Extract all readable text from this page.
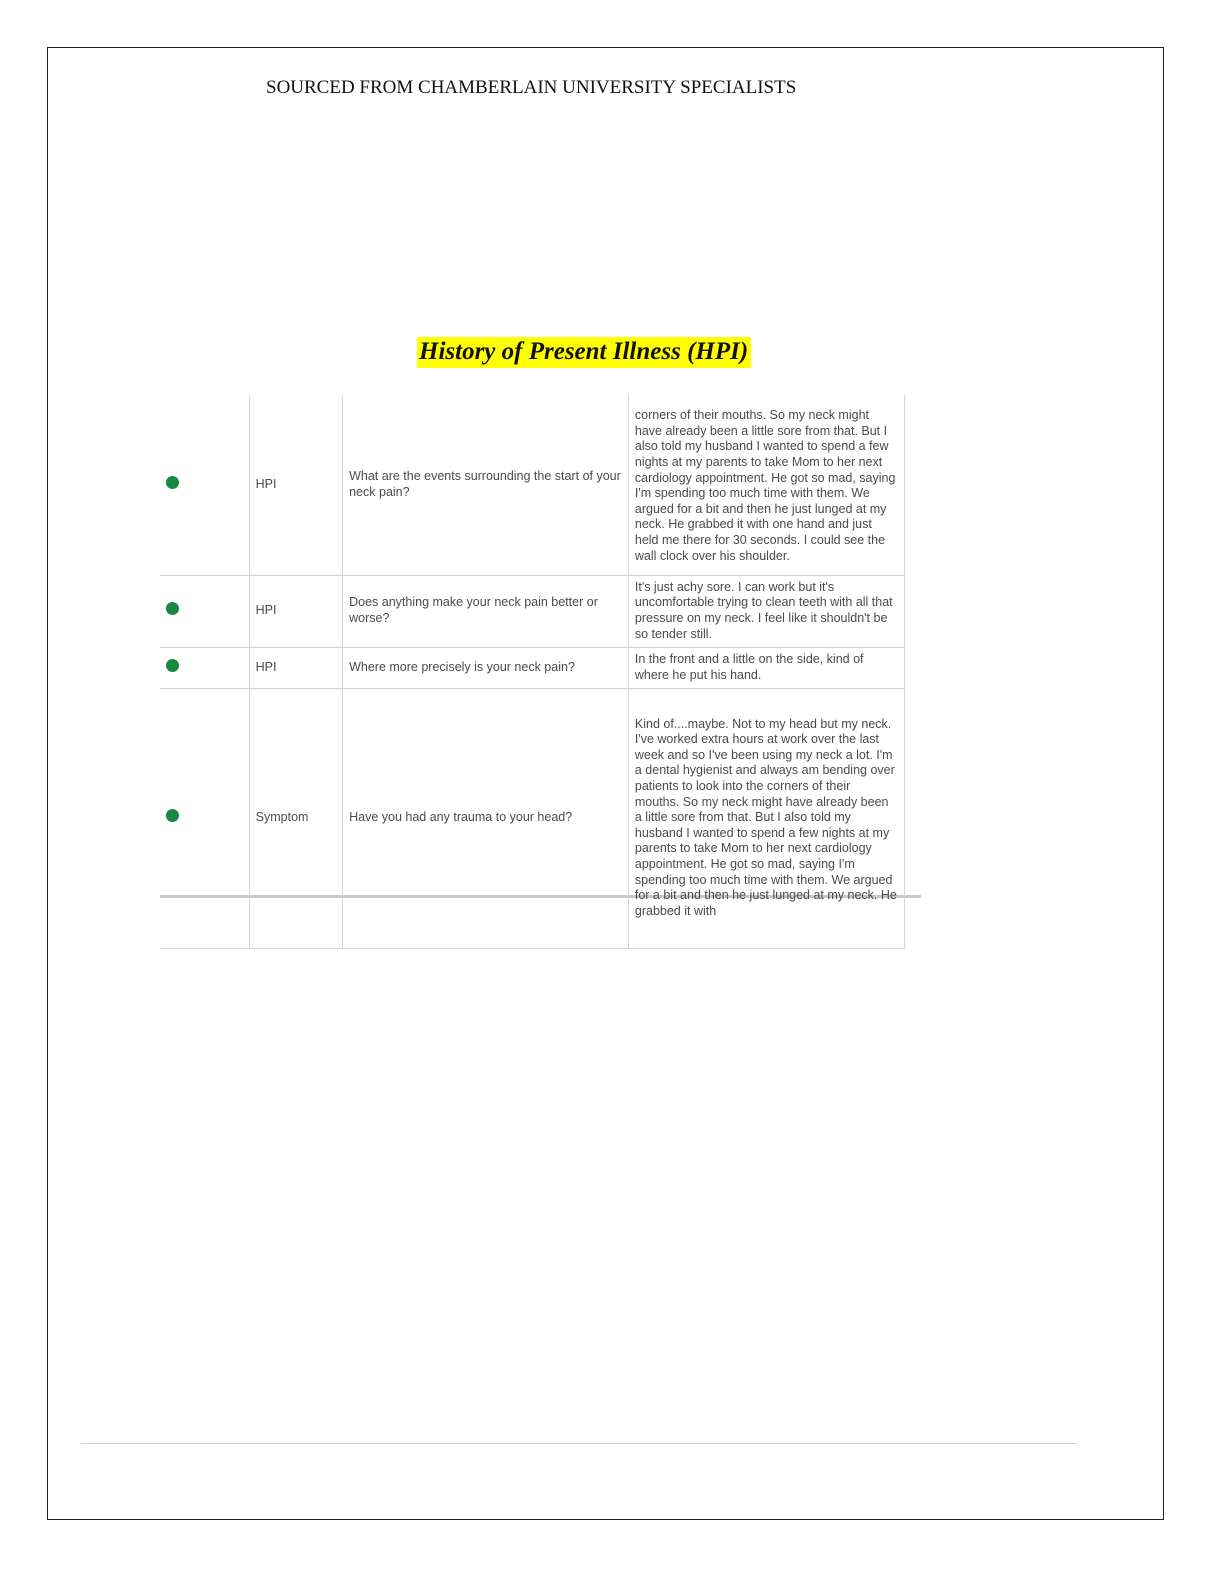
SOURCED FROM CHAMBERLAIN UNIVERSITY SPECIALISTS
History of Present Illness (HPI)
	HPI	What are the events surrounding the start of your neck pain?	corners of their mouths. So my neck might have already been a little sore from that. But I also told my husband I wanted to spend a few nights at my parents to take Mom to her next cardiology appointment. He got so mad, saying I'm spending too much time with them. We argued for a bit and then he just lunged at my neck. He grabbed it with one hand and just held me there for 30 seconds. I could see the wall clock over his shoulder.
	HPI	Does anything make your neck pain better or worse?	It's just achy sore. I can work but it's uncomfortable trying to clean teeth with all that pressure on my neck. I feel like it shouldn't be so tender still.
	HPI	Where more precisely is your neck pain?	In the front and a little on the side, kind of where he put his hand.
	Symptom	Have you had any trauma to your head?	Kind of....maybe. Not to my head but my neck. I've worked extra hours at work over the last week and so I've been using my neck a lot. I'm a dental hygienist and always am bending over patients to look into the corners of their mouths. So my neck might have already been a little sore from that. But I also told my husband I wanted to spend a few nights at my parents to take Mom to her next cardiology appointment. He got so mad, saying I'm spending too much time with them. We argued for a bit and then he just lunged at my neck. He grabbed it with
